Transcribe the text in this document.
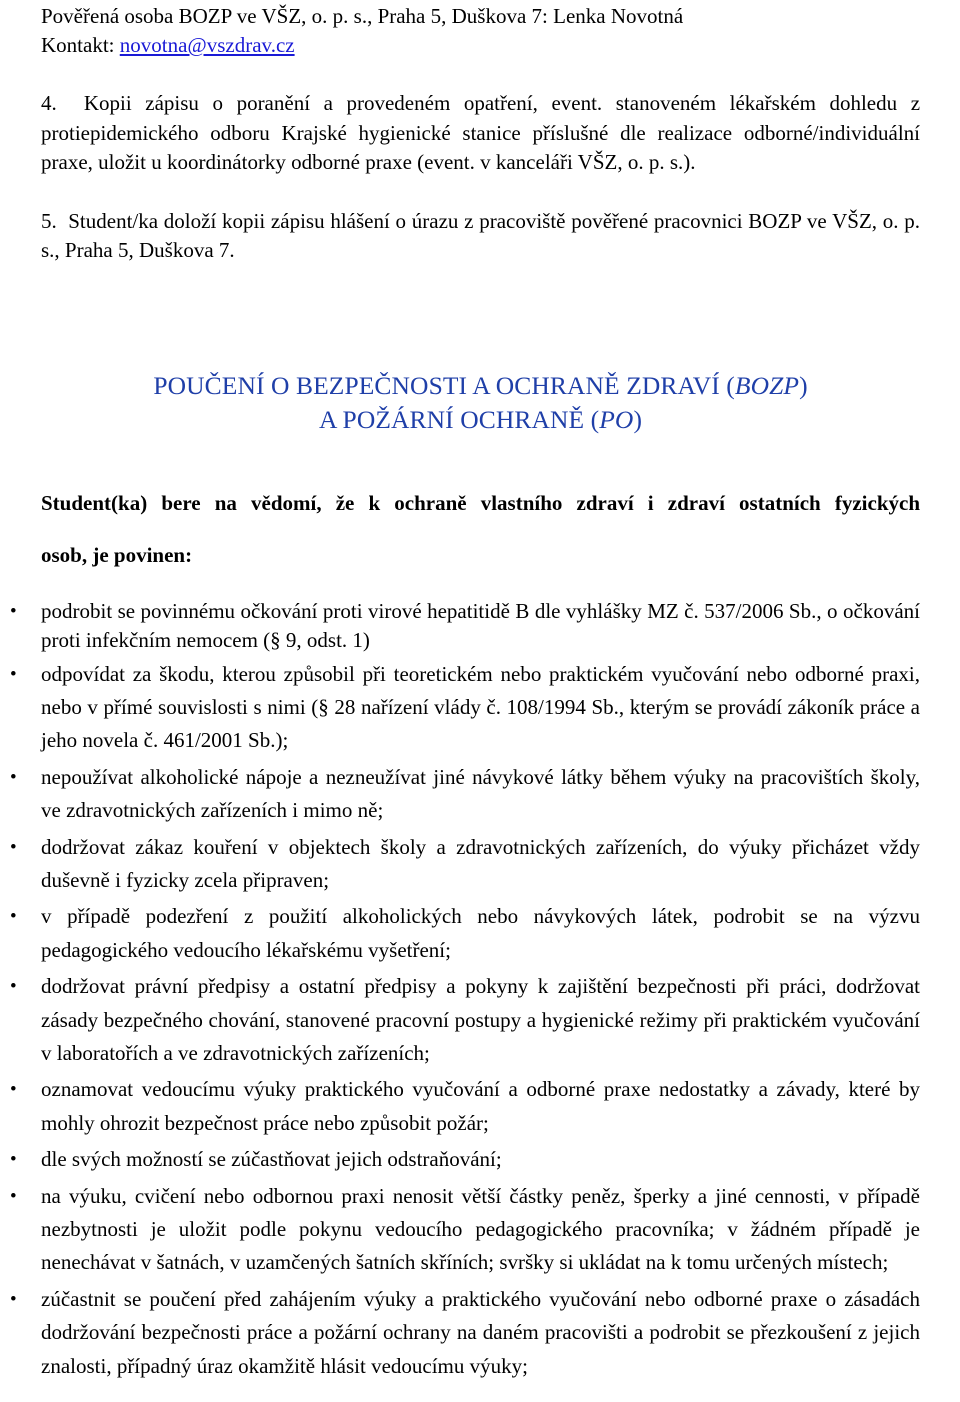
Pověřená osoba BOZP ve VŠZ, o. p. s., Praha 5, Duškova 7: Lenka Novotná
Kontakt: novotna@vszdrav.cz
4. Kopii zápisu o poranění a provedeném opatření, event. stanoveném lékařském dohledu z protiepidemického odboru Krajské hygienické stanice příslušné dle realizace odborné/individuální praxe, uložit u koordinátorky odborné praxe (event. v kanceláři VŠZ, o. p. s.).
5. Student/ka doloží kopii zápisu hlášení o úrazu z pracoviště pověřené pracovnici BOZP ve VŠZ, o. p. s., Praha 5, Duškova 7.
POUČENÍ O BEZPEČNOSTI A OCHRANĚ ZDRAVÍ (BOZP)
A POŽÁRNÍ OCHRANĚ (PO)
Student(ka) bere na vědomí, že k ochraně vlastního zdraví i zdraví ostatních fyzických
osob, je povinen:
• podrobit se povinnému očkování proti virové hepatitidě B dle vyhlášky MZ č. 537/2006 Sb., o očkování proti infekčním nemocem (§ 9, odst. 1)
• odpovídat za škodu, kterou způsobil při teoretickém nebo praktickém vyučování nebo odborné praxi, nebo v přímé souvislosti s nimi (§ 28 nařízení vlády č. 108/1994 Sb., kterým se provádí zákoník práce a jeho novela č. 461/2001 Sb.);
• nepoužívat alkoholické nápoje a nezneužívat jiné návykové látky během výuky na pracovištích školy, ve zdravotnických zařízeních i mimo ně;
• dodržovat zákaz kouření v objektech školy a zdravotnických zařízeních, do výuky přicházet vždy duševně i fyzicky zcela připraven;
• v případě podezření z použití alkoholických nebo návykových látek, podrobit se na výzvu pedagogického vedoucího lékařskému vyšetření;
• dodržovat právní předpisy a ostatní předpisy a pokyny k zajištění bezpečnosti při práci, dodržovat zásady bezpečného chování, stanovené pracovní postupy a hygienické režimy při praktickém vyučování v laboratořích a ve zdravotnických zařízeních;
• oznamovat vedoucímu výuky praktického vyučování a odborné praxe nedostatky a závady, které by mohly ohrozit bezpečnost práce nebo způsobit požár;
• dle svých možností se zúčastňovat jejich odstraňování;
• na výuku, cvičení nebo odbornou praxi nenosit větší částky peněz, šperky a jiné cennosti, v případě nezbytnosti je uložit podle pokynu vedoucího pedagogického pracovníka; v žádném případě je nenechávat v šatnách, v uzamčených šatních skříních; svršky si ukládat na k tomu určených místech;
• zúčastnit se poučení před zahájením výuky a praktického vyučování nebo odborné praxe o zásadách dodržování bezpečnosti práce a požární ochrany na daném pracovišti a podrobit se přezkoušení z jejich znalosti, případný úraz okamžitě hlásit vedoucímu výuky;
